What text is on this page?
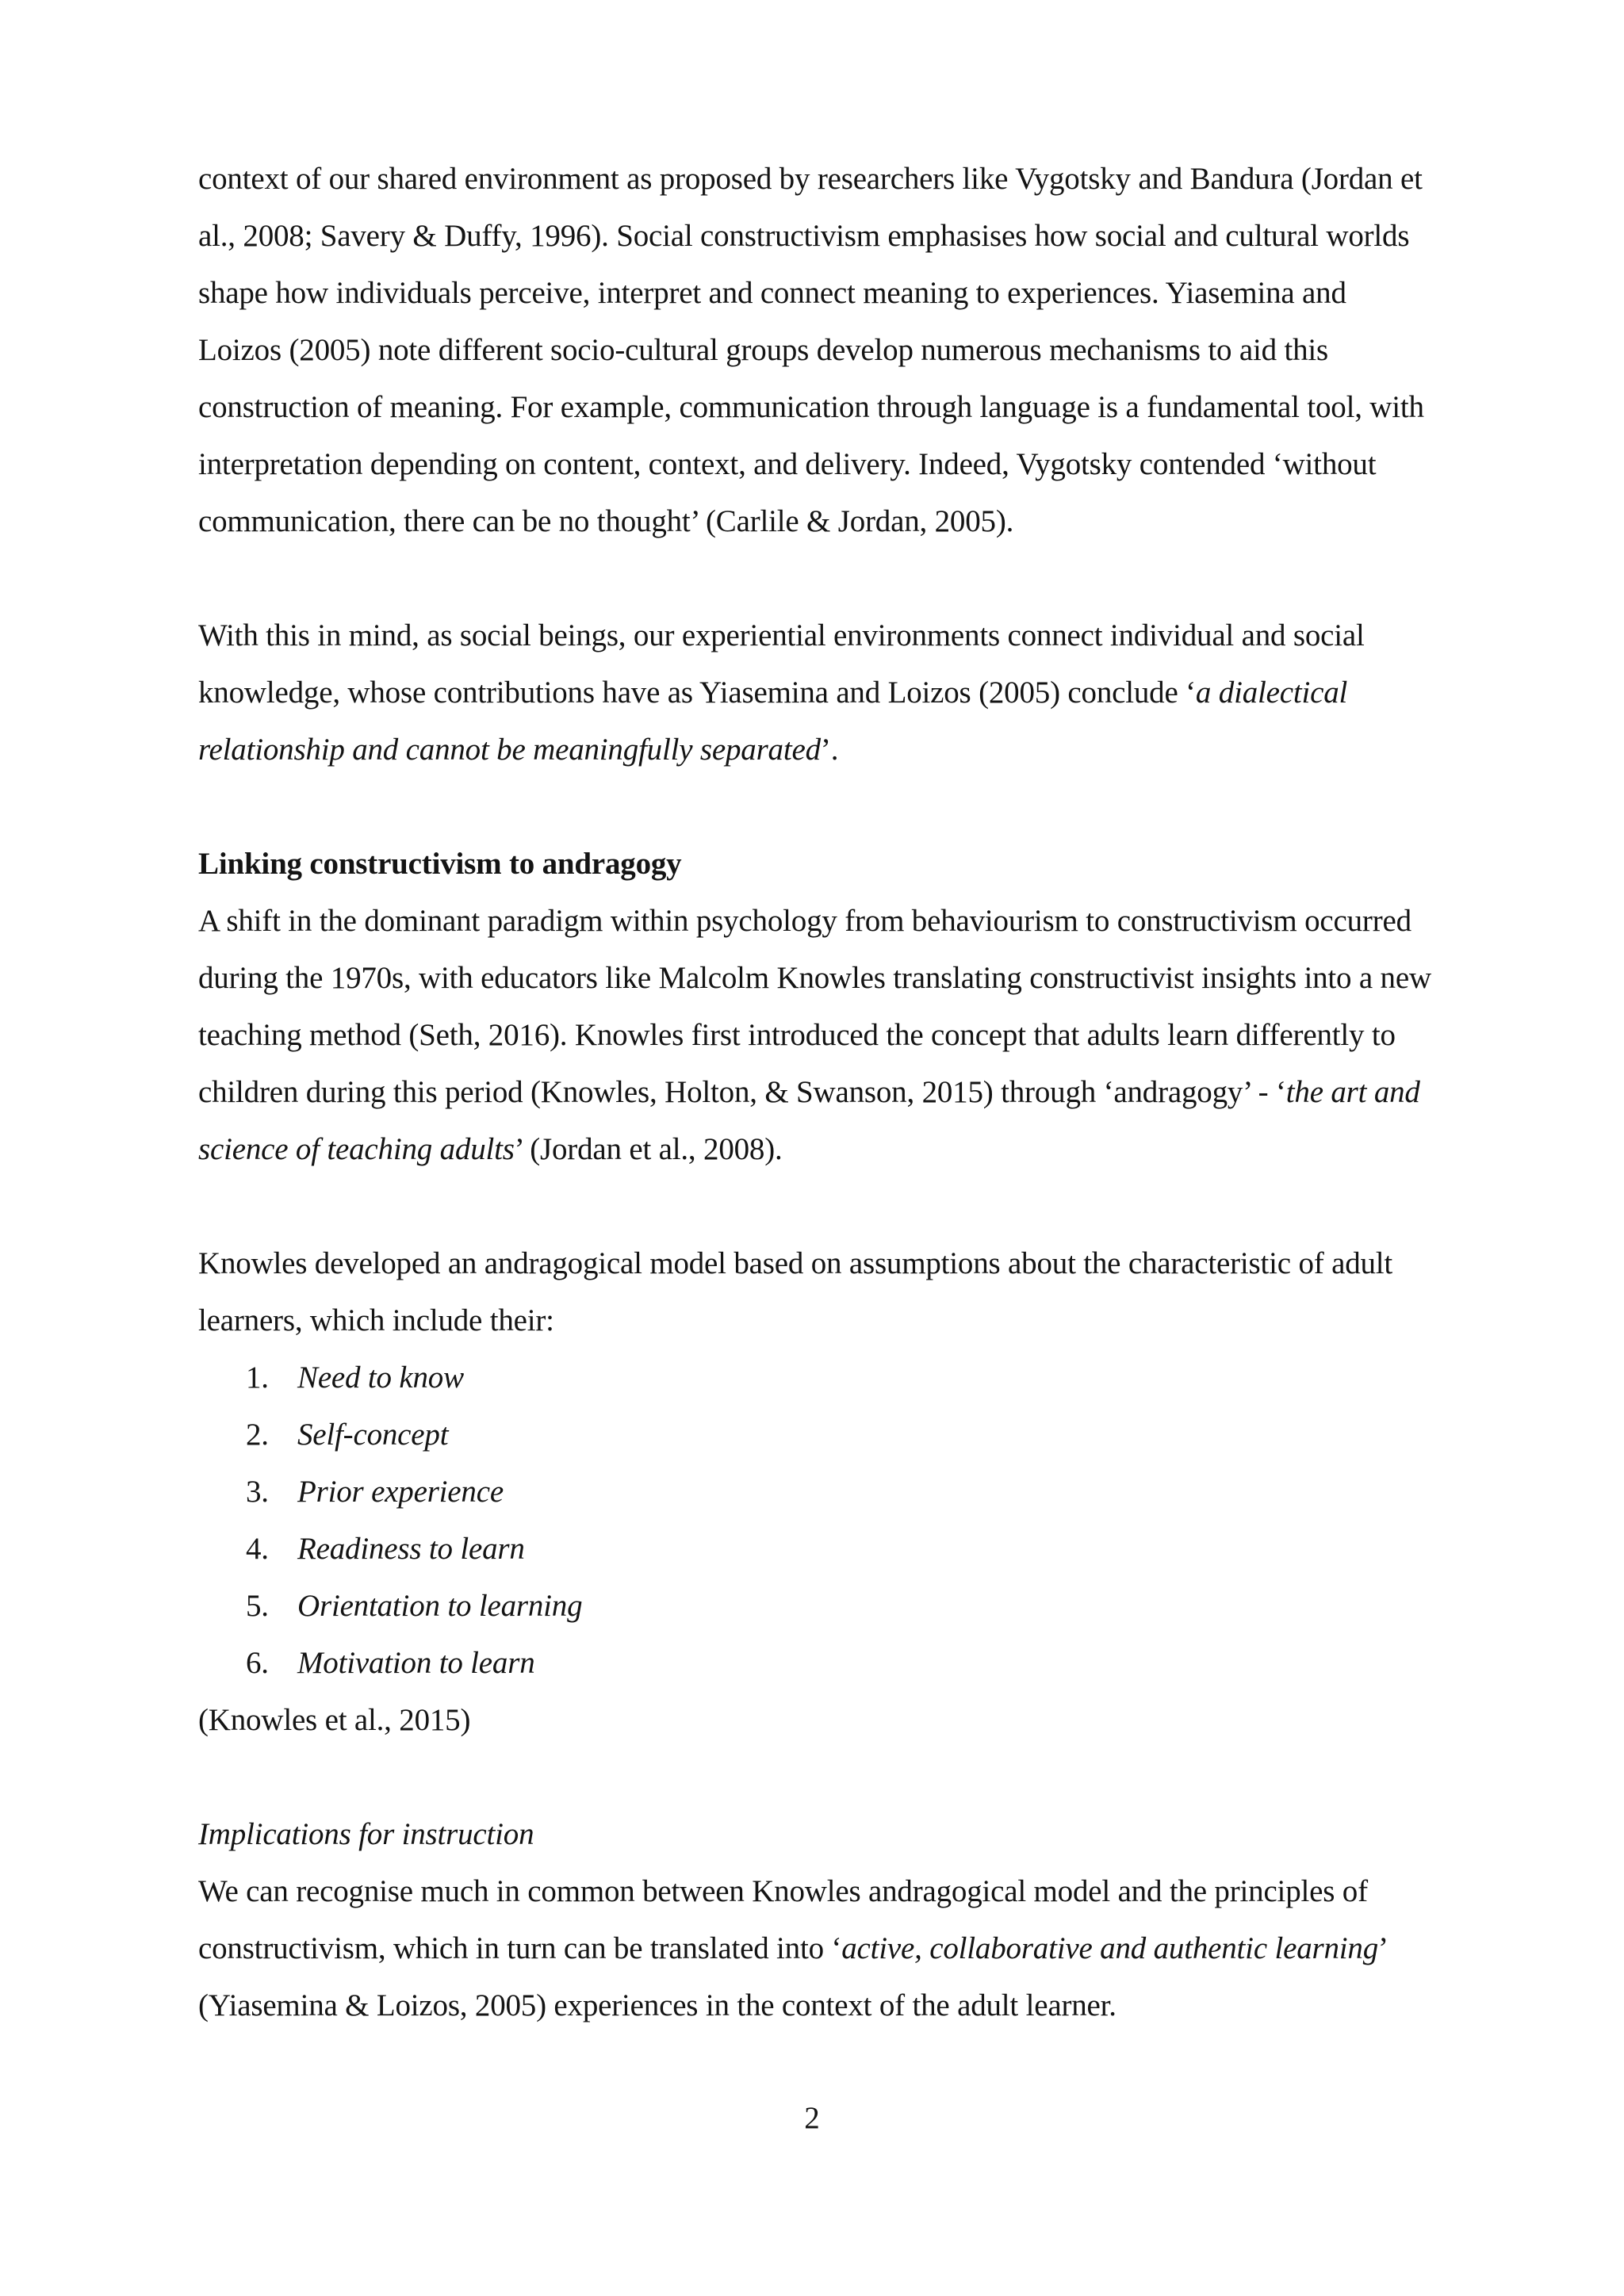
context of our shared environment as proposed by researchers like Vygotsky and Bandura (Jordan et al., 2008; Savery & Duffy, 1996). Social constructivism emphasises how social and cultural worlds shape how individuals perceive, interpret and connect meaning to experiences. Yiasemina and Loizos (2005) note different socio-cultural groups develop numerous mechanisms to aid this construction of meaning. For example, communication through language is a fundamental tool, with interpretation depending on content, context, and delivery. Indeed, Vygotsky contended ‘without communication, there can be no thought’ (Carlile & Jordan, 2005).

With this in mind, as social beings, our experiential environments connect individual and social knowledge, whose contributions have as Yiasemina and Loizos (2005) conclude ‘a dialectical relationship and cannot be meaningfully separated’.

Linking constructivism to andragogy

A shift in the dominant paradigm within psychology from behaviourism to constructivism occurred during the 1970s, with educators like Malcolm Knowles translating constructivist insights into a new teaching method (Seth, 2016). Knowles first introduced the concept that adults learn differently to children during this period (Knowles, Holton, & Swanson, 2015) through ‘andragogy’ - ‘the art and science of teaching adults’ (Jordan et al., 2008).

Knowles developed an andragogical model based on assumptions about the characteristic of adult learners, which include their:

1. Need to know
2. Self-concept
3. Prior experience
4. Readiness to learn
5. Orientation to learning
6. Motivation to learn

(Knowles et al., 2015)

Implications for instruction

We can recognise much in common between Knowles andragogical model and the principles of constructivism, which in turn can be translated into ‘active, collaborative and authentic learning’ (Yiasemina & Loizos, 2005) experiences in the context of the adult learner.

2
